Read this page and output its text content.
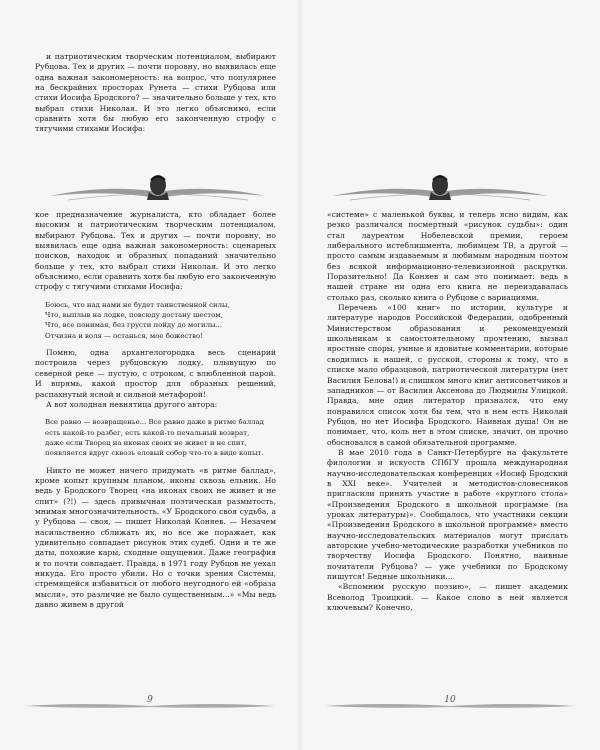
и патриотическим творческим потенциалом, выбирают Рубцова. Тех и других — почти поровну, но выявилась еще одна важная закономерность: на вопрос, что популярнее на бескрайних просторах Рунета — стихи Рубцова или стихи Иосифа Бродского? — значительно больше у тех, кто выбрал стихи Николая. И это легко объяснимо, если сравнить хотя бы любую его законченную строфу с тягучими стихами Иосифа:

кое предназначение журналиста, кто обладает более высоким и патриотическим творческим потенциалом, выбирают Рубцова. Тех и других — почти поровну, но выявилась еще одна важная закономерность: сценарных поисков, находок и образных попаданий значительно больше у тех, кто выбрал стихи Николая. И это легко объяснимо, если сравнить хотя бы любую его законченную строфу с тягучими стихами Иосифа:

Боюсь, что над нами не будет таинственной силы,
Что, выплыв на лодке, повсюду достану шестом,
Что, все понимая, без грусти пойду до могилы...
Отчизна и воля — останься, мое божество!

Помню, одна архангелогородка весь сценарий построила через рубцовскую лодку, плывущую по северной реке — пустую, с отроком, с влюбленной парой. И впрямь, какой простор для образных решений, распахнутый ясной и сильной метафорой!

А вот холодная невнятица другого автора:

Все равно — возвращенье... Все равно даже в ритме баллад
есть какой-то разбег, есть какой-то печальный возврат,
даже если Творец на иконах своих не живет и не спит,
появляется вдруг сквозь еловый собор что-то в виде копыт.

Никто не может ничего придумать «в ритме баллад», кроме копыт крупным планом, иконы сквозь ельник. Но ведь у Бродского Творец «на иконах своих не живет и не спит» (?!) — здесь привычная поэтическая размытость, мнимая многозначительность. «У Бродского своя судьба, а у Рубцова — своя, — пишет Николай Коняев. — Незачем насильственно сближать их, но все же поражает, как удивительно совпадает рисунок этих судеб. Одни и те же даты, похожие кары, сходные ощущения. Даже география и то почти совпадает. Правда, в 1971 году Рубцов не уехал никуда. Его просто убили. Но с точки зрения Системы, стремящейся избавиться от любого неугодного ей «образа мысли», это различие не было существенным...» «Мы ведь давно живем в другой

9

«системе» с маленькой буквы, и теперь ясно видим, как резко различался посмертный «рисунок судьбы»: один стал лауреатом Нобелевской премии, героем либерального истеблишмента, любимцем ТВ, а другой — просто самым издаваемым и любимым народным поэтом без всякой информационно-телевизионной раскрутки. Поразительно! Да Коняев и сам это понимает: ведь в нашей стране ни одна его книга не переиздавалась столько раз, сколько книга о Рубцове с вариациями.

Перечень «100 книг» по истории, культуре и литературе народов Российской Федерации, одобренный Министерством образования и рекомендуемый школьникам к самостоятельному прочтению, вызвал яростные споры, умные и ядовитые комментарии, которые сводились к нашей, с русской, стороны к тому, что в списке мало образцовой, патриотической литературы (нет Василия Белова!) и слишком много книг антисоветчиков и западников — от Василия Аксенова до Людмилы Улицкой. Правда, мне один литератор признался, что ему понравился список хотя бы тем, что в нем есть Николай Рубцов, но нет Иосифа Бродского. Наивная душа! Он не понимает, что, коль нет в этом списке, значит, он прочно обосновался в самой обязательной программе.

В мае 2010 года в Санкт-Петербурге на факультете филологии и искусств СПбГУ прошла международная научно-исследовательская конференция «Иосиф Бродский в XXI веке». Учителей и методистов-словесников пригласили принять участие в работе «круглого стола» «Произведения Бродского в школьной программе (на уроках литературы)». Сообщалось, что участники секции «Произведения Бродского в школьной программе» вместо научно-исследовательских материалов могут прислать авторские учебно-методические разработки учебников по творчеству Иосифа Бродского. Понятно, наивные почитатели Рубцова? — уже учебники по Бродскому пишутся! Бедные школьники...

«Вспомним русскую поэзию», — пишет академик Всеволод Троицкий. — Какое слово в ней является ключевым? Конечно,

10
